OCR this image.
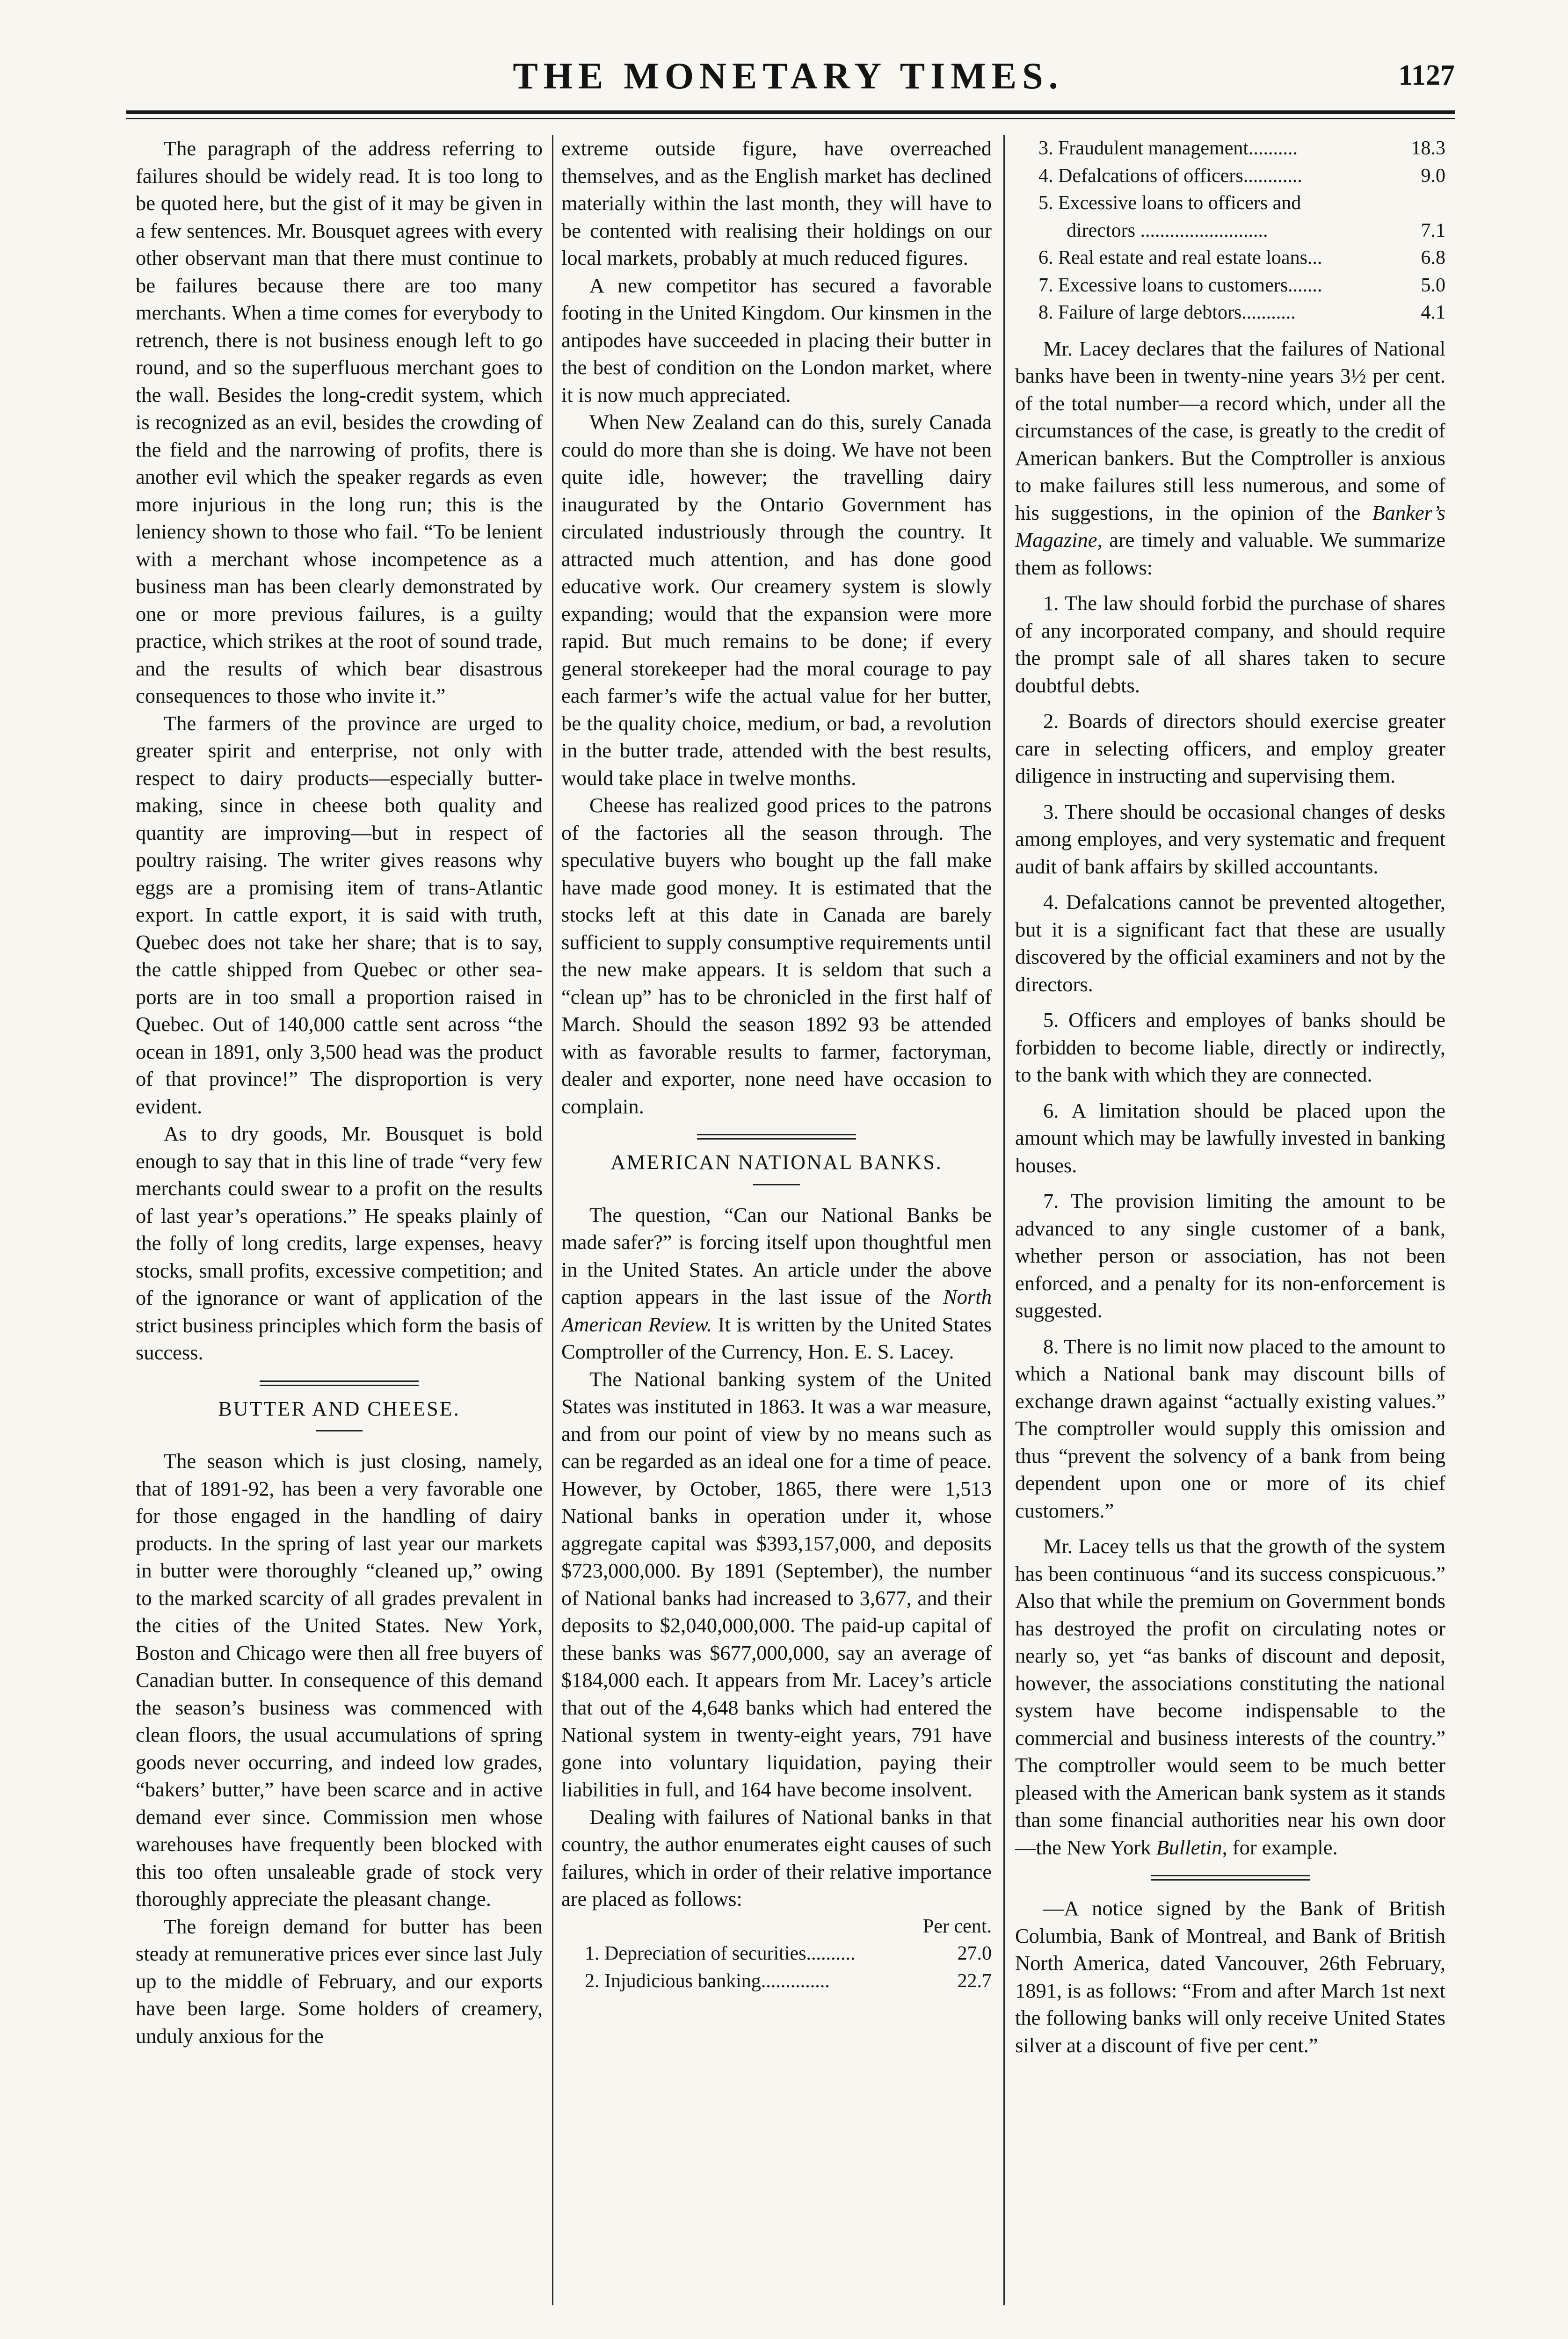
THE MONETARY TIMES.	1127

The paragraph of the address referring to failures should be widely read. It is too long to be quoted here, but the gist of it may be given in a few sentences. Mr. Bousquet agrees with every other observant man that there must continue to be failures because there are too many merchants. When a time comes for everybody to retrench, there is not business enough left to go round, and so the superfluous merchant goes to the wall. Besides the long-credit system, which is recognized as an evil, besides the crowding of the field and the narrowing of profits, there is another evil which the speaker regards as even more injurious in the long run; this is the leniency shown to those who fail. “To be lenient with a merchant whose incompetence as a business man has been clearly demonstrated by one or more previous failures, is a guilty practice, which strikes at the root of sound trade, and the results of which bear disastrous consequences to those who invite it.”

The farmers of the province are urged to greater spirit and enterprise, not only with respect to dairy products—especially butter-making, since in cheese both quality and quantity are improving—but in respect of poultry raising. The writer gives reasons why eggs are a promising item of trans-Atlantic export. In cattle export, it is said with truth, Quebec does not take her share; that is to say, the cattle shipped from Quebec or other sea-ports are in too small a proportion raised in Quebec. Out of 140,000 cattle sent across “the ocean in 1891, only 3,500 head was the product of that province!” The disproportion is very evident.

As to dry goods, Mr. Bousquet is bold enough to say that in this line of trade “very few merchants could swear to a profit on the results of last year’s operations.” He speaks plainly of the folly of long credits, large expenses, heavy stocks, small profits, excessive competition; and of the ignorance or want of application of the strict business principles which form the basis of success.

BUTTER AND CHEESE.

The season which is just closing, namely, that of 1891-92, has been a very favorable one for those engaged in the handling of dairy products. In the spring of last year our markets in butter were thoroughly “cleaned up,” owing to the marked scarcity of all grades prevalent in the cities of the United States. New York, Boston and Chicago were then all free buyers of Canadian butter. In consequence of this demand the season’s business was commenced with clean floors, the usual accumulations of spring goods never occurring, and indeed low grades, “bakers’ butter,” have been scarce and in active demand ever since. Commission men whose warehouses have frequently been blocked with this too often unsaleable grade of stock very thoroughly appreciate the pleasant change.

The foreign demand for butter has been steady at remunerative prices ever since last July up to the middle of February, and our exports have been large. Some holders of creamery, unduly anxious for the

extreme outside figure, have overreached themselves, and as the English market has declined materially within the last month, they will have to be contented with realising their holdings on our local markets, probably at much reduced figures.

A new competitor has secured a favorable footing in the United Kingdom. Our kinsmen in the antipodes have succeeded in placing their butter in the best of condition on the London market, where it is now much appreciated.

When New Zealand can do this, surely Canada could do more than she is doing. We have not been quite idle, however; the travelling dairy inaugurated by the Ontario Government has circulated industriously through the country. It attracted much attention, and has done good educative work. Our creamery system is slowly expanding; would that the expansion were more rapid. But much remains to be done; if every general storekeeper had the moral courage to pay each farmer’s wife the actual value for her butter, be the quality choice, medium, or bad, a revolution in the butter trade, attended with the best results, would take place in twelve months.

Cheese has realized good prices to the patrons of the factories all the season through. The speculative buyers who bought up the fall make have made good money. It is estimated that the stocks left at this date in Canada are barely sufficient to supply consumptive requirements until the new make appears. It is seldom that such a “clean up” has to be chronicled in the first half of March. Should the season 1892 93 be attended with as favorable results to farmer, factoryman, dealer and exporter, none need have occasion to complain.

AMERICAN NATIONAL BANKS.

The question, “Can our National Banks be made safer?” is forcing itself upon thoughtful men in the United States. An article under the above caption appears in the last issue of the North American Review. It is written by the United States Comptroller of the Currency, Hon. E. S. Lacey.

The National banking system of the United States was instituted in 1863. It was a war measure, and from our point of view by no means such as can be regarded as an ideal one for a time of peace. However, by October, 1865, there were 1,513 National banks in operation under it, whose aggregate capital was $393,157,000, and deposits $723,000,000. By 1891 (September), the number of National banks had increased to 3,677, and their deposits to $2,040,000,000. The paid-up capital of these banks was $677,000,000, say an average of $184,000 each. It appears from Mr. Lacey’s article that out of the 4,648 banks which had entered the National system in twenty-eight years, 791 have gone into voluntary liquidation, paying their liabilities in full, and 164 have become insolvent.

Dealing with failures of National banks in that country, the author enumerates eight causes of such failures, which in order of their relative importance are placed as follows:

Per cent.
1. Depreciation of securities..........	27.0
2. Injudicious banking..............	22.7
3. Fraudulent management..........	18.3
4. Defalcations of officers............	9.0
5. Excessive loans to officers and
directors ..........................	7.1
6. Real estate and real estate loans...	6.8
7. Excessive loans to customers.......	5.0
8. Failure of large debtors...........	4.1

Mr. Lacey declares that the failures of National banks have been in twenty-nine years 3½ per cent. of the total number—a record which, under all the circumstances of the case, is greatly to the credit of American bankers. But the Comptroller is anxious to make failures still less numerous, and some of his suggestions, in the opinion of the Banker’s Magazine, are timely and valuable. We summarize them as follows:

1. The law should forbid the purchase of shares of any incorporated company, and should require the prompt sale of all shares taken to secure doubtful debts.

2. Boards of directors should exercise greater care in selecting officers, and employ greater diligence in instructing and supervising them.

3. There should be occasional changes of desks among employes, and very systematic and frequent audit of bank affairs by skilled accountants.

4. Defalcations cannot be prevented altogether, but it is a significant fact that these are usually discovered by the official examiners and not by the directors.

5. Officers and employes of banks should be forbidden to become liable, directly or indirectly, to the bank with which they are connected.

6. A limitation should be placed upon the amount which may be lawfully invested in banking houses.

7. The provision limiting the amount to be advanced to any single customer of a bank, whether person or association, has not been enforced, and a penalty for its non-enforcement is suggested.

8. There is no limit now placed to the amount to which a National bank may discount bills of exchange drawn against “actually existing values.” The comptroller would supply this omission and thus “prevent the solvency of a bank from being dependent upon one or more of its chief customers.”

Mr. Lacey tells us that the growth of the system has been continuous “and its success conspicuous.” Also that while the premium on Government bonds has destroyed the profit on circulating notes or nearly so, yet “as banks of discount and deposit, however, the associations constituting the national system have become indispensable to the commercial and business interests of the country.” The comptroller would seem to be much better pleased with the American bank system as it stands than some financial authorities near his own door—the New York Bulletin, for example.

—A notice signed by the Bank of British Columbia, Bank of Montreal, and Bank of British North America, dated Vancouver, 26th February, 1891, is as follows: “From and after March 1st next the following banks will only receive United States silver at a discount of five per cent.”
